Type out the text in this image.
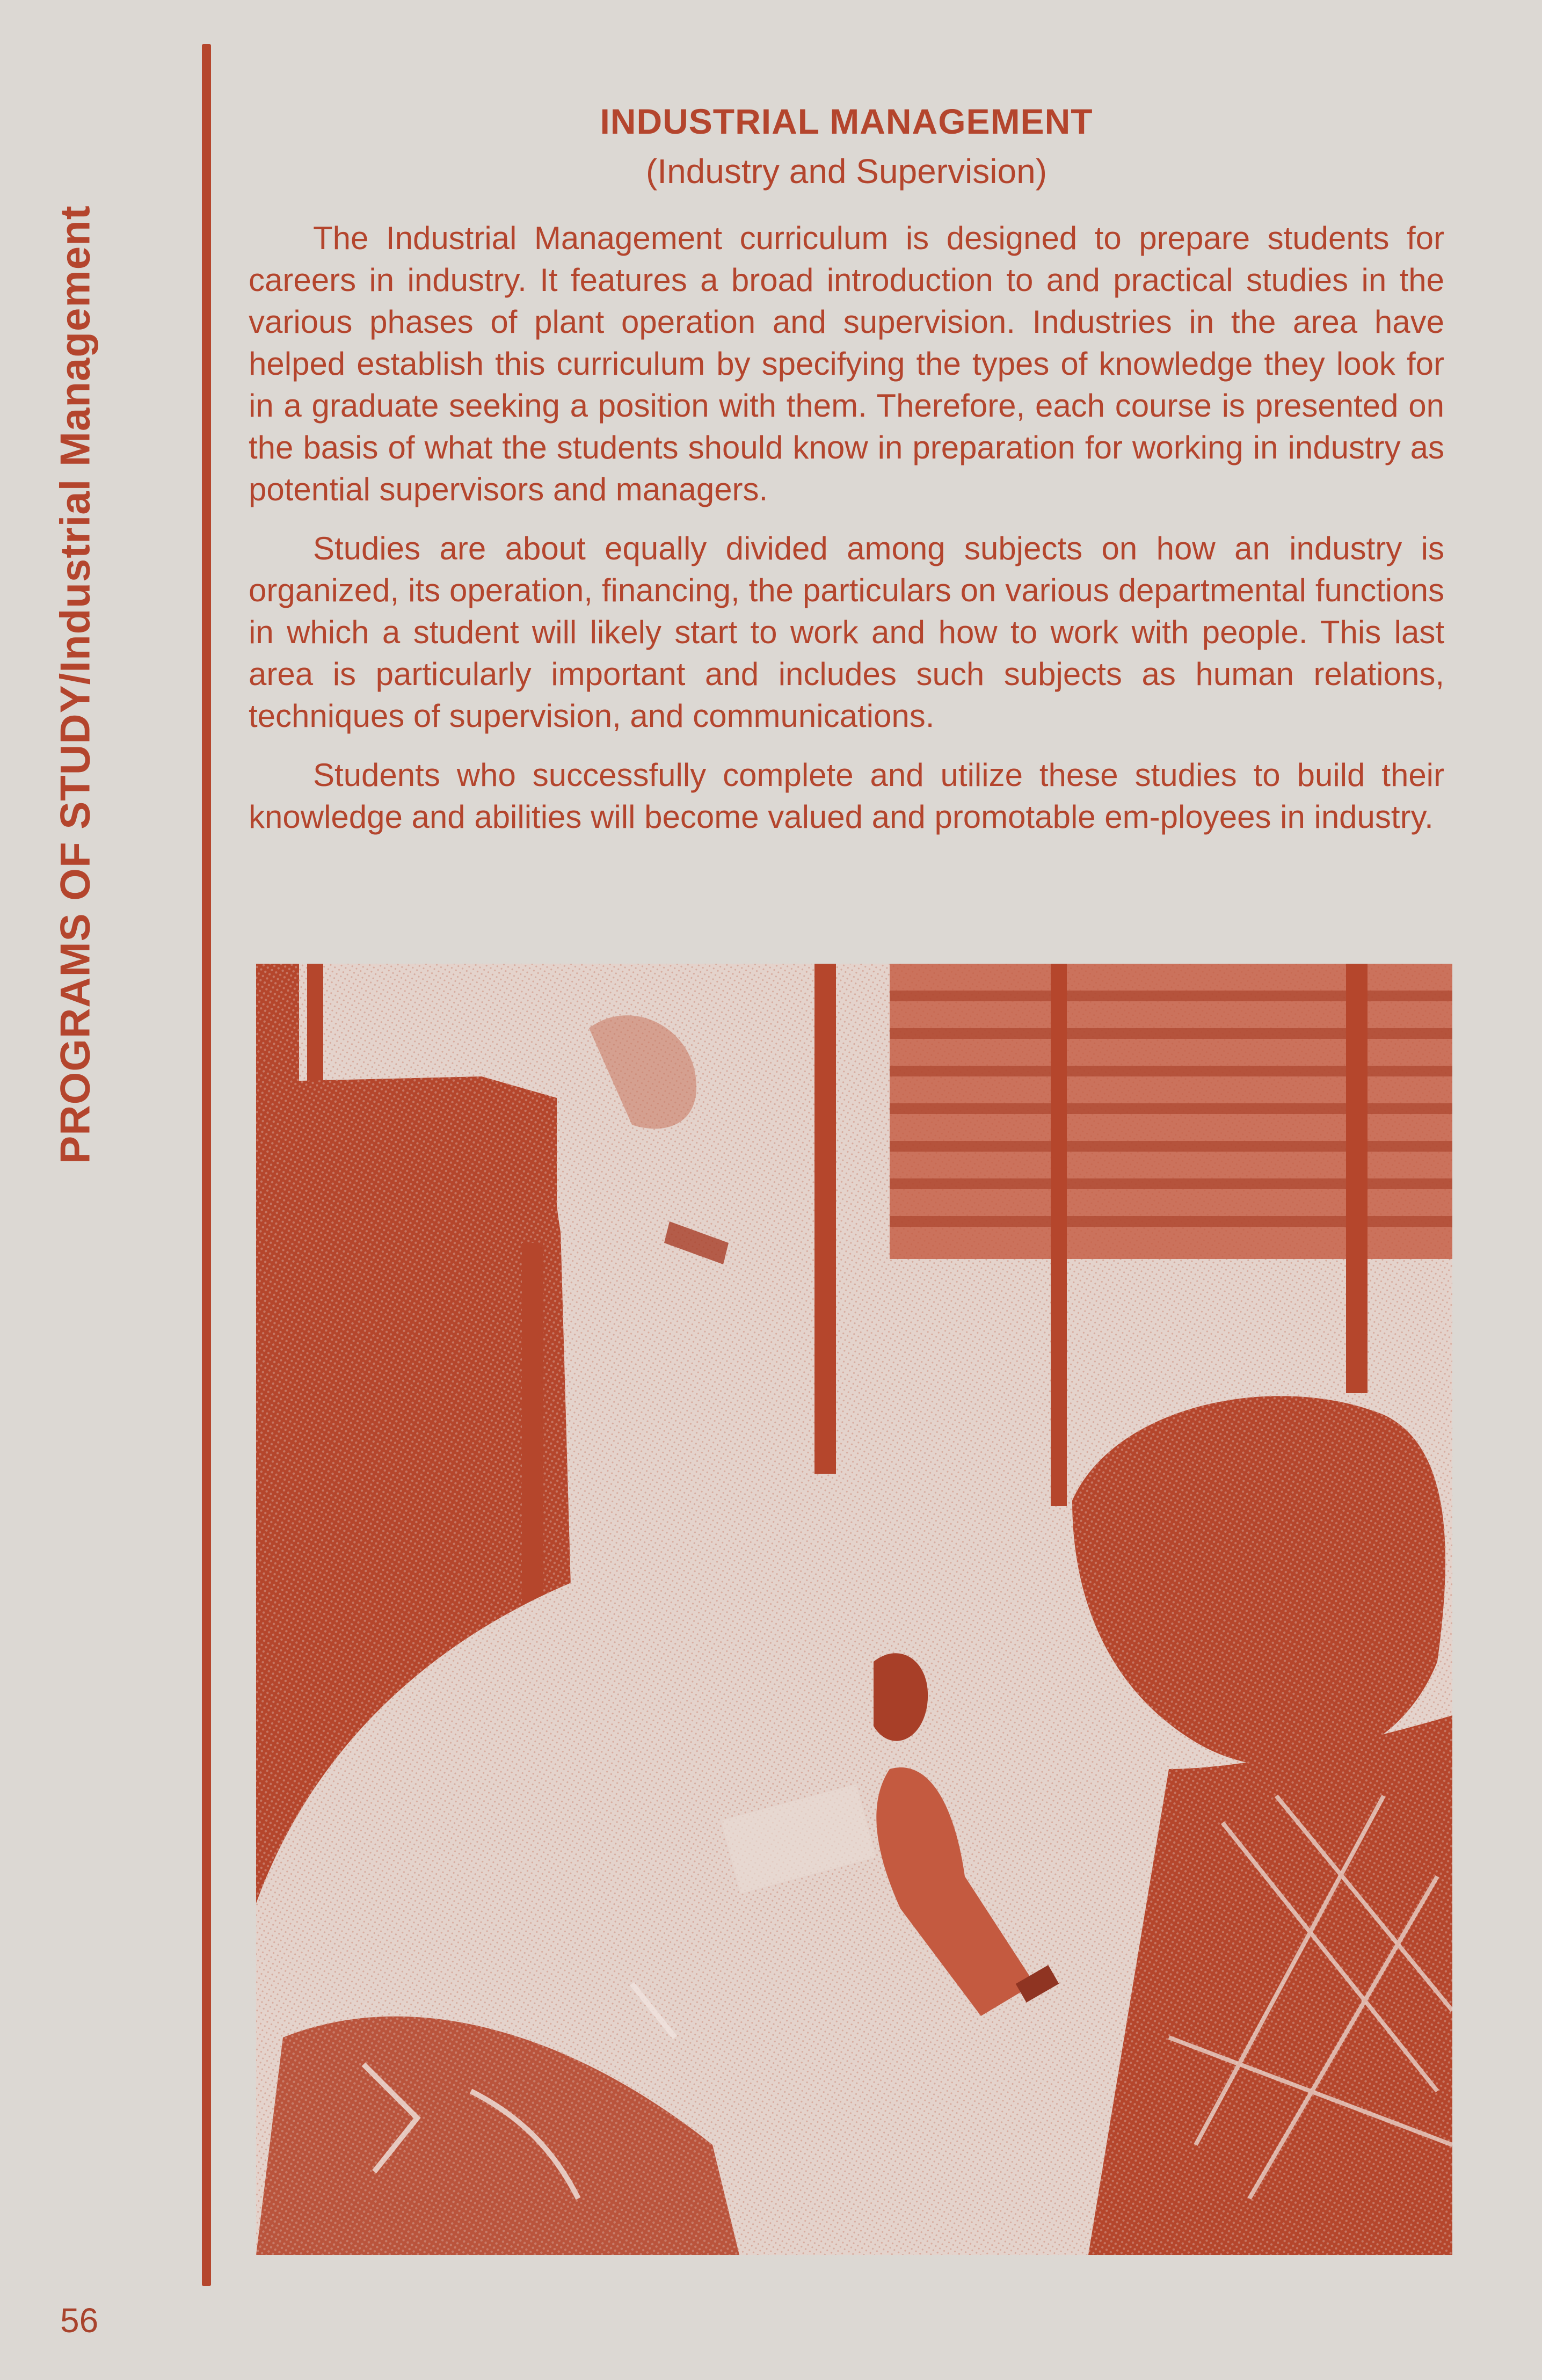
PROGRAMS OF STUDY/Industrial Management
56
INDUSTRIAL MANAGEMENT
(Industry and Supervision)

The Industrial Management curriculum is designed to prepare students for careers in industry. It features a broad introduction to and practical studies in the various phases of plant operation and supervision. Industries in the area have helped establish this curriculum by specifying the types of knowledge they look for in a graduate seeking a position with them. Therefore, each course is presented on the basis of what the students should know in preparation for working in industry as potential supervisors and managers.

Studies are about equally divided among subjects on how an industry is organized, its operation, financing, the particulars on various departmental functions in which a student will likely start to work and how to work with people. This last area is particularly important and includes such subjects as human relations, techniques of supervision, and communications.

Students who successfully complete and utilize these studies to build their knowledge and abilities will become valued and promotable em-ployees in industry.
